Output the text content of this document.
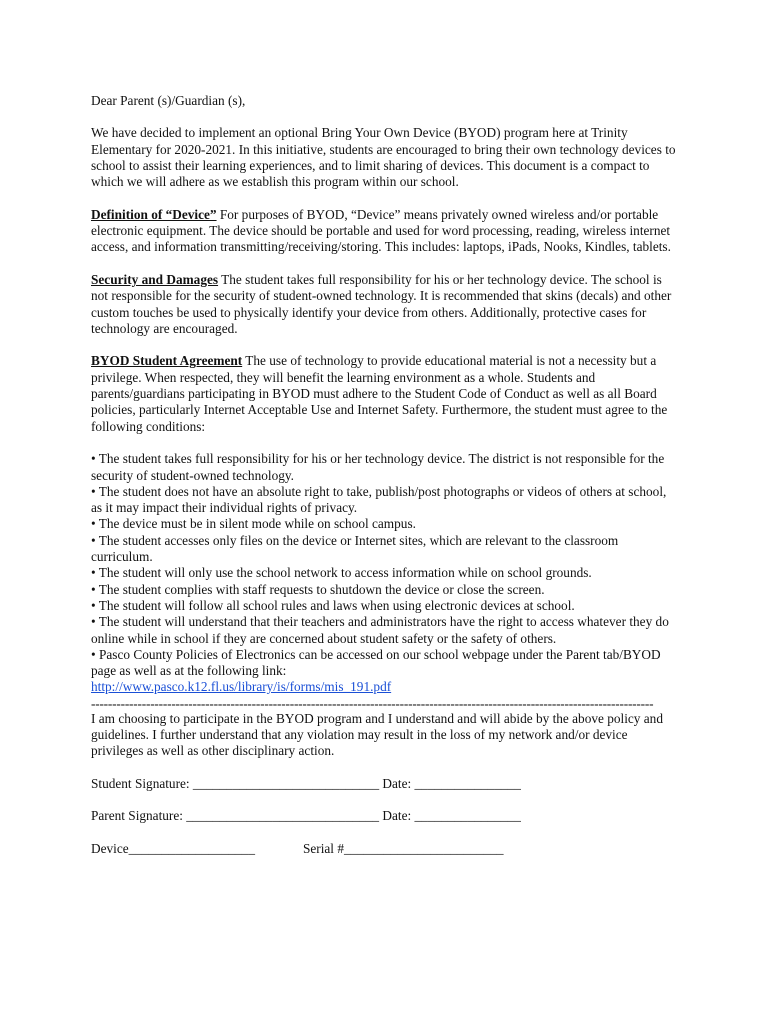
Dear Parent (s)/Guardian (s),

We have decided to implement an optional Bring Your Own Device (BYOD) program here at Trinity Elementary for 2020-2021. In this initiative, students are encouraged to bring their own technology devices to school to assist their learning experiences, and to limit sharing of devices. This document is a compact to which we will adhere as we establish this program within our school.

Definition of “Device” For purposes of BYOD, “Device” means privately owned wireless and/or portable electronic equipment. The device should be portable and used for word processing, reading, wireless internet access, and information transmitting/receiving/storing. This includes: laptops, iPads, Nooks, Kindles, tablets.

Security and Damages The student takes full responsibility for his or her technology device. The school is not responsible for the security of student-owned technology. It is recommended that skins (decals) and other custom touches be used to physically identify your device from others. Additionally, protective cases for technology are encouraged.

BYOD Student Agreement The use of technology to provide educational material is not a necessity but a privilege. When respected, they will benefit the learning environment as a whole. Students and parents/guardians participating in BYOD must adhere to the Student Code of Conduct as well as all Board policies, particularly Internet Acceptable Use and Internet Safety. Furthermore, the student must agree to the following conditions:

• The student takes full responsibility for his or her technology device. The district is not responsible for the security of student-owned technology.
• The student does not have an absolute right to take, publish/post photographs or videos of others at school, as it may impact their individual rights of privacy.
• The device must be in silent mode while on school campus.
• The student accesses only files on the device or Internet sites, which are relevant to the classroom curriculum.
• The student will only use the school network to access information while on school grounds.
• The student complies with staff requests to shutdown the device or close the screen.
• The student will follow all school rules and laws when using electronic devices at school.
• The student will understand that their teachers and administrators have the right to access whatever they do online while in school if they are concerned about student safety or the safety of others.
• Pasco County Policies of Electronics can be accessed on our school webpage under the Parent tab/BYOD page as well as at the following link:

http://www.pasco.k12.fl.us/library/is/forms/mis_191.pdf

-------------------------------------------------------------------------------------------------------------------------------------

I am choosing to participate in the BYOD program and I understand and will abide by the above policy and guidelines. I further understand that any violation may result in the loss of my network and/or device privileges as well as other disciplinary action.

Student Signature: ____________________________ Date: ________________

Parent Signature: _____________________________ Date: ________________

Device___________________	Serial #________________________
